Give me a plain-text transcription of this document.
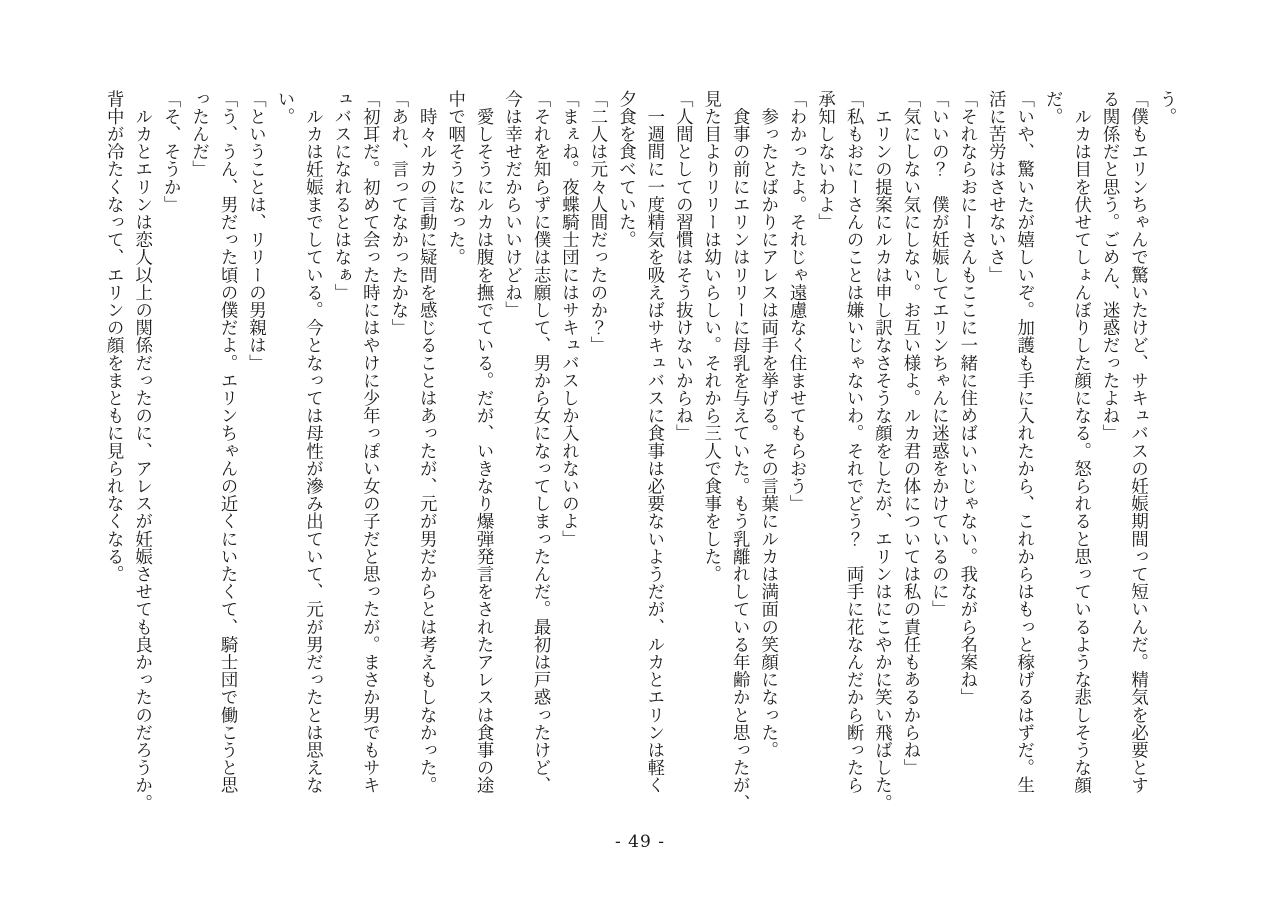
う。

「僕もエリンちゃんで驚いたけど、サキュバスの妊娠期間って短いんだ。精気を必要とす

る関係だと思う。ごめん、迷惑だったよね」

　ルカは目を伏せてしょんぼりした顔になる。怒られると思っているような悲しそうな顔

だ。

「いや、驚いたが嬉しいぞ。加護も手に入れたから、これからはもっと稼げるはずだ。生

活に苦労はさせないさ」

「それならおにーさんもここに一緒に住めばいいじゃない。我ながら名案ね」

「いいの？　僕が妊娠してエリンちゃんに迷惑をかけているのに」

「気にしない気にしない。お互い様よ。ルカ君の体については私の責任もあるからね」

　エリンの提案にルカは申し訳なさそうな顔をしたが、エリンはにこやかに笑い飛ばした。

「私もおにーさんのことは嫌いじゃないわ。それでどう？　両手に花なんだから断ったら

承知しないわよ」

「わかったよ。それじゃ遠慮なく住ませてもらおう」

　参ったとばかりにアレスは両手を挙げる。その言葉にルカは満面の笑顔になった。

　食事の前にエリンはリリーに母乳を与えていた。もう乳離れしている年齢かと思ったが、

見た目よりリリーは幼いらしい。それから三人で食事をした。

「人間としての習慣はそう抜けないからね」

　一週間に一度精気を吸えばサキュバスに食事は必要ないようだが、ルカとエリンは軽く

夕食を食べていた。

「二人は元々人間だったのか？」

「まぇね。夜蝶騎士団にはサキュバスしか入れないのよ」

「それを知らずに僕は志願して、男から女になってしまったんだ。最初は戸惑ったけど、

今は幸せだからいいけどね」

　愛しそうにルカは腹を撫でている。だが、いきなり爆弾発言をされたアレスは食事の途

中で咽そうになった。

　時々ルカの言動に疑問を感じることはあったが、元が男だからとは考えもしなかった。

「あれ、言ってなかったかな」

「初耳だ。初めて会った時にはやけに少年っぽい女の子だと思ったが。まさか男でもサキ

ュバスになれるとはなぁ」

　ルカは妊娠までしている。今となっては母性が滲み出ていて、元が男だったとは思えな

い。

「ということは、リリーの男親は」

「う、うん、男だった頃の僕だよ。エリンちゃんの近くにいたくて、騎士団で働こうと思

ったんだ」

「そ、そうか」

　ルカとエリンは恋人以上の関係だったのに、アレスが妊娠させても良かったのだろうか。

背中が冷たくなって、エリンの顔をまともに見られなくなる。

- 49 -
